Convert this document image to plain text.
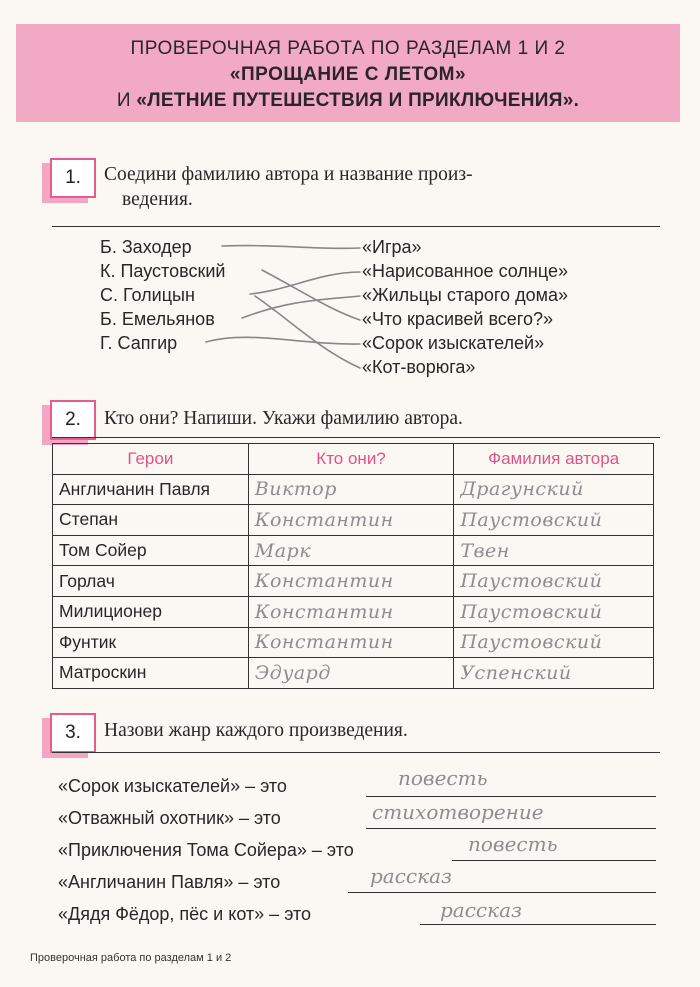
ПРОВЕРОЧНАЯ РАБОТА ПО РАЗДЕЛАМ 1 И 2
«ПРОЩАНИЕ С ЛЕТОМ»
И «ЛЕТНИЕ ПУТЕШЕСТВИЯ И ПРИКЛЮЧЕНИЯ».
1.	Соедини фамилию автора и название произ-
ведения.
Б. Заходер
К. Паустовский
С. Голицын
Б. Емельянов
Г. Сапгир
«Игра»
«Нарисованное солнце»
«Жильцы старого дома»
«Что красивей всего?»
«Сорок изыскателей»
«Кот-ворюга»
2.	Кто они? Напиши. Укажи фамилию автора.
Герои	Кто они?	Фамилия автора
Англичанин Павля	Виктор	Драгунский
Степан	Константин	Паустовский
Том Сойер	Марк	Твен
Горлач	Константин	Паустовский
Милиционер	Константин	Паустовский
Фунтик	Константин	Паустовский
Матроскин	Эдуард	Успенский
3.	Назови жанр каждого произведения.
«Сорок изыскателей» – это	повесть
«Отважный охотник» – это	стихотворение
«Приключения Тома Сойера» – это	повесть
«Англичанин Павля» – это	рассказ
«Дядя Фёдор, пёс и кот» – это	рассказ
Проверочная работа по разделам 1 и 2
